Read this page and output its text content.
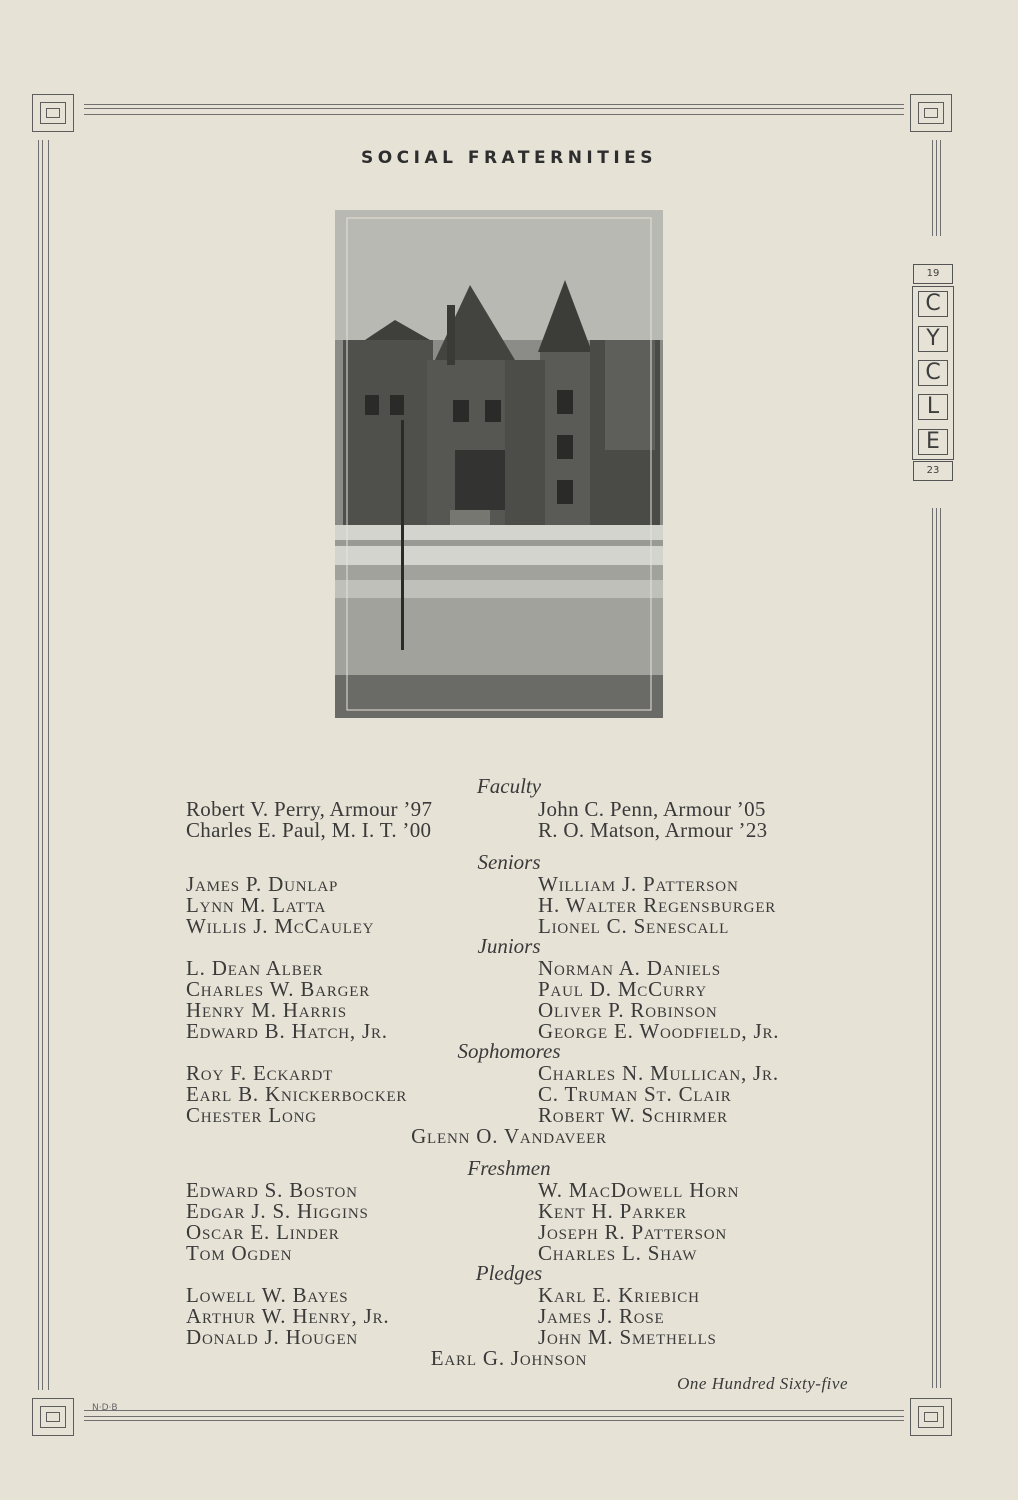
N·D·B
19
C
Y
C
L
E
23
SOCIAL FRATERNITIES
Faculty
Robert V. Perry, Armour ’97
Charles E. Paul, M. I. T. ’00
John C. Penn, Armour ’05
R. O. Matson, Armour ’23
Seniors
James P. Dunlap
Lynn M. Latta
Willis J. McCauley
William J. Patterson
H. Walter Regensburger
Lionel C. Senescall
Juniors
L. Dean Alber
Charles W. Barger
Henry M. Harris
Edward B. Hatch, Jr.
Norman A. Daniels
Paul D. McCurry
Oliver P. Robinson
George E. Woodfield, Jr.
Sophomores
Roy F. Eckardt
Earl B. Knickerbocker
Chester Long
Charles N. Mullican, Jr.
C. Truman St. Clair
Robert W. Schirmer
Glenn O. Vandaveer
Freshmen
Edward S. Boston
Edgar J. S. Higgins
Oscar E. Linder
Tom Ogden
W. MacDowell Horn
Kent H. Parker
Joseph R. Patterson
Charles L. Shaw
Pledges
Lowell W. Bayes
Arthur W. Henry, Jr.
Donald J. Hougen
Karl E. Kriebich
James J. Rose
John M. Smethells
Earl G. Johnson
One Hundred Sixty-five
